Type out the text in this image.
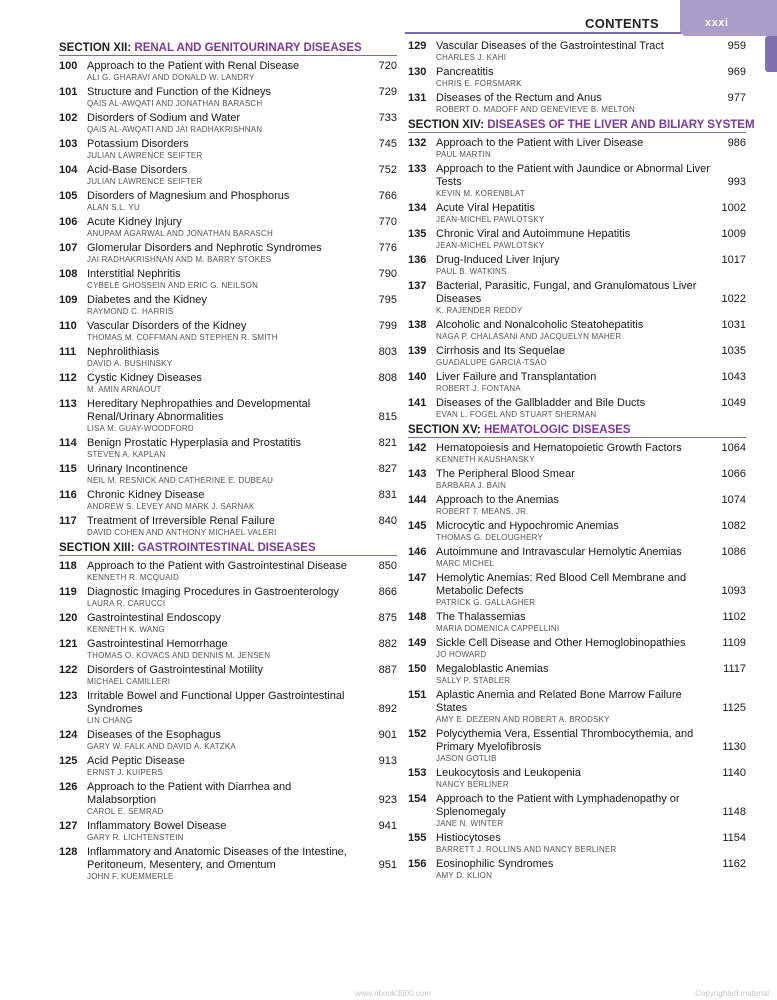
CONTENTS	xxxi
SECTION XII: RENAL AND GENITOURINARY DISEASES
100 Approach to the Patient with Renal Disease
ALI G. GHARAVI AND DONALD W. LANDRY
720
101 Structure and Function of the Kidneys
QAIS AL-AWQATI AND JONATHAN BARASCH
729
102 Disorders of Sodium and Water
QAIS AL-AWQATI AND JAI RADHAKRISHNAN
733
103 Potassium Disorders
JULIAN LAWRENCE SEIFTER
745
104 Acid-Base Disorders
JULIAN LAWRENCE SEIFTER
752
105 Disorders of Magnesium and Phosphorus
ALAN S.L. YU
766
106 Acute Kidney Injury
ANUPAM AGARWAL AND JONATHAN BARASCH
770
107 Glomerular Disorders and Nephrotic Syndromes
JAI RADHAKRISHNAN AND M. BARRY STOKES
776
108 Interstitial Nephritis
CYBELE GHOSSEIN AND ERIC G. NEILSON
790
109 Diabetes and the Kidney
RAYMOND C. HARRIS
795
110 Vascular Disorders of the Kidney
THOMAS M. COFFMAN AND STEPHEN R. SMITH
799
111 Nephrolithiasis
DAVID A. BUSHINSKY
803
112 Cystic Kidney Diseases
M. AMIN ARNAOUT
808
113 Hereditary Nephropathies and Developmental Renal/Urinary Abnormalities
LISA M. GUAY-WOODFORD
815
114 Benign Prostatic Hyperplasia and Prostatitis
STEVEN A. KAPLAN
821
115 Urinary Incontinence
NEIL M. RESNICK AND CATHERINE E. DUBEAU
827
116 Chronic Kidney Disease
ANDREW S. LEVEY AND MARK J. SARNAK
831
117 Treatment of Irreversible Renal Failure
DAVID COHEN AND ANTHONY MICHAEL VALERI
840
SECTION XIII: GASTROINTESTINAL DISEASES
118 Approach to the Patient with Gastrointestinal Disease
KENNETH R. MCQUAID
850
119 Diagnostic Imaging Procedures in Gastroenterology
LAURA R. CARUCCI
866
120 Gastrointestinal Endoscopy
KENNETH K. WANG
875
121 Gastrointestinal Hemorrhage
THOMAS O. KOVACS AND DENNIS M. JENSEN
882
122 Disorders of Gastrointestinal Motility
MICHAEL CAMILLERI
887
123 Irritable Bowel and Functional Upper Gastrointestinal Syndromes
LIN CHANG
892
124 Diseases of the Esophagus
GARY W. FALK AND DAVID A. KATZKA
901
125 Acid Peptic Disease
ERNST J. KUIPERS
913
126 Approach to the Patient with Diarrhea and Malabsorption
CAROL E. SEMRAD
923
127 Inflammatory Bowel Disease
GARY R. LICHTENSTEIN
941
128 Inflammatory and Anatomic Diseases of the Intestine, Peritoneum, Mesentery, and Omentum
JOHN F. KUEMMERLE
951
129 Vascular Diseases of the Gastrointestinal Tract
CHARLES J. KAHI
959
130 Pancreatitis
CHRIS E. FORSMARK
969
131 Diseases of the Rectum and Anus
ROBERT D. MADOFF AND GENEVIEVE B. MELTON
977
SECTION XIV: DISEASES OF THE LIVER AND BILIARY SYSTEM
132 Approach to the Patient with Liver Disease
PAUL MARTIN
986
133 Approach to the Patient with Jaundice or Abnormal Liver Tests
KEVIN M. KORENBLAT
993
134 Acute Viral Hepatitis
JEAN-MICHEL PAWLOTSKY
1002
135 Chronic Viral and Autoimmune Hepatitis
JEAN-MICHEL PAWLOTSKY
1009
136 Drug-Induced Liver Injury
PAUL B. WATKINS
1017
137 Bacterial, Parasitic, Fungal, and Granulomatous Liver Diseases
K. RAJENDER REDDY
1022
138 Alcoholic and Nonalcoholic Steatohepatitis
NAGA P. CHALASANI AND JACQUELYN MAHER
1031
139 Cirrhosis and Its Sequelae
GUADALUPE GARCIA-TSAO
1035
140 Liver Failure and Transplantation
ROBERT J. FONTANA
1043
141 Diseases of the Gallbladder and Bile Ducts
EVAN L. FOGEL AND STUART SHERMAN
1049
SECTION XV: HEMATOLOGIC DISEASES
142 Hematopoiesis and Hematopoietic Growth Factors
KENNETH KAUSHANSKY
1064
143 The Peripheral Blood Smear
BARBARA J. BAIN
1066
144 Approach to the Anemias
ROBERT T. MEANS, JR.
1074
145 Microcytic and Hypochromic Anemias
THOMAS G. DELOUGHERY
1082
146 Autoimmune and Intravascular Hemolytic Anemias
MARC MICHEL
1086
147 Hemolytic Anemias: Red Blood Cell Membrane and Metabolic Defects
PATRICK G. GALLAGHER
1093
148 The Thalassemias
MARIA DOMENICA CAPPELLINI
1102
149 Sickle Cell Disease and Other Hemoglobinopathies
JO HOWARD
1109
150 Megaloblastic Anemias
SALLY P. STABLER
1117
151 Aplastic Anemia and Related Bone Marrow Failure States
AMY E. DEZERN AND ROBERT A. BRODSKY
1125
152 Polycythemia Vera, Essential Thrombocythemia, and Primary Myelofibrosis
JASON GOTLIB
1130
153 Leukocytosis and Leukopenia
NANCY BERLINER
1140
154 Approach to the Patient with Lymphadenopathy or Splenomegaly
JANE N. WINTER
1148
155 Histiocytoses
BARRETT J. ROLLINS AND NANCY BERLINER
1154
156 Eosinophilic Syndromes
AMY D. KLION
1162
www.ebook3000.com	Copyrighted material
